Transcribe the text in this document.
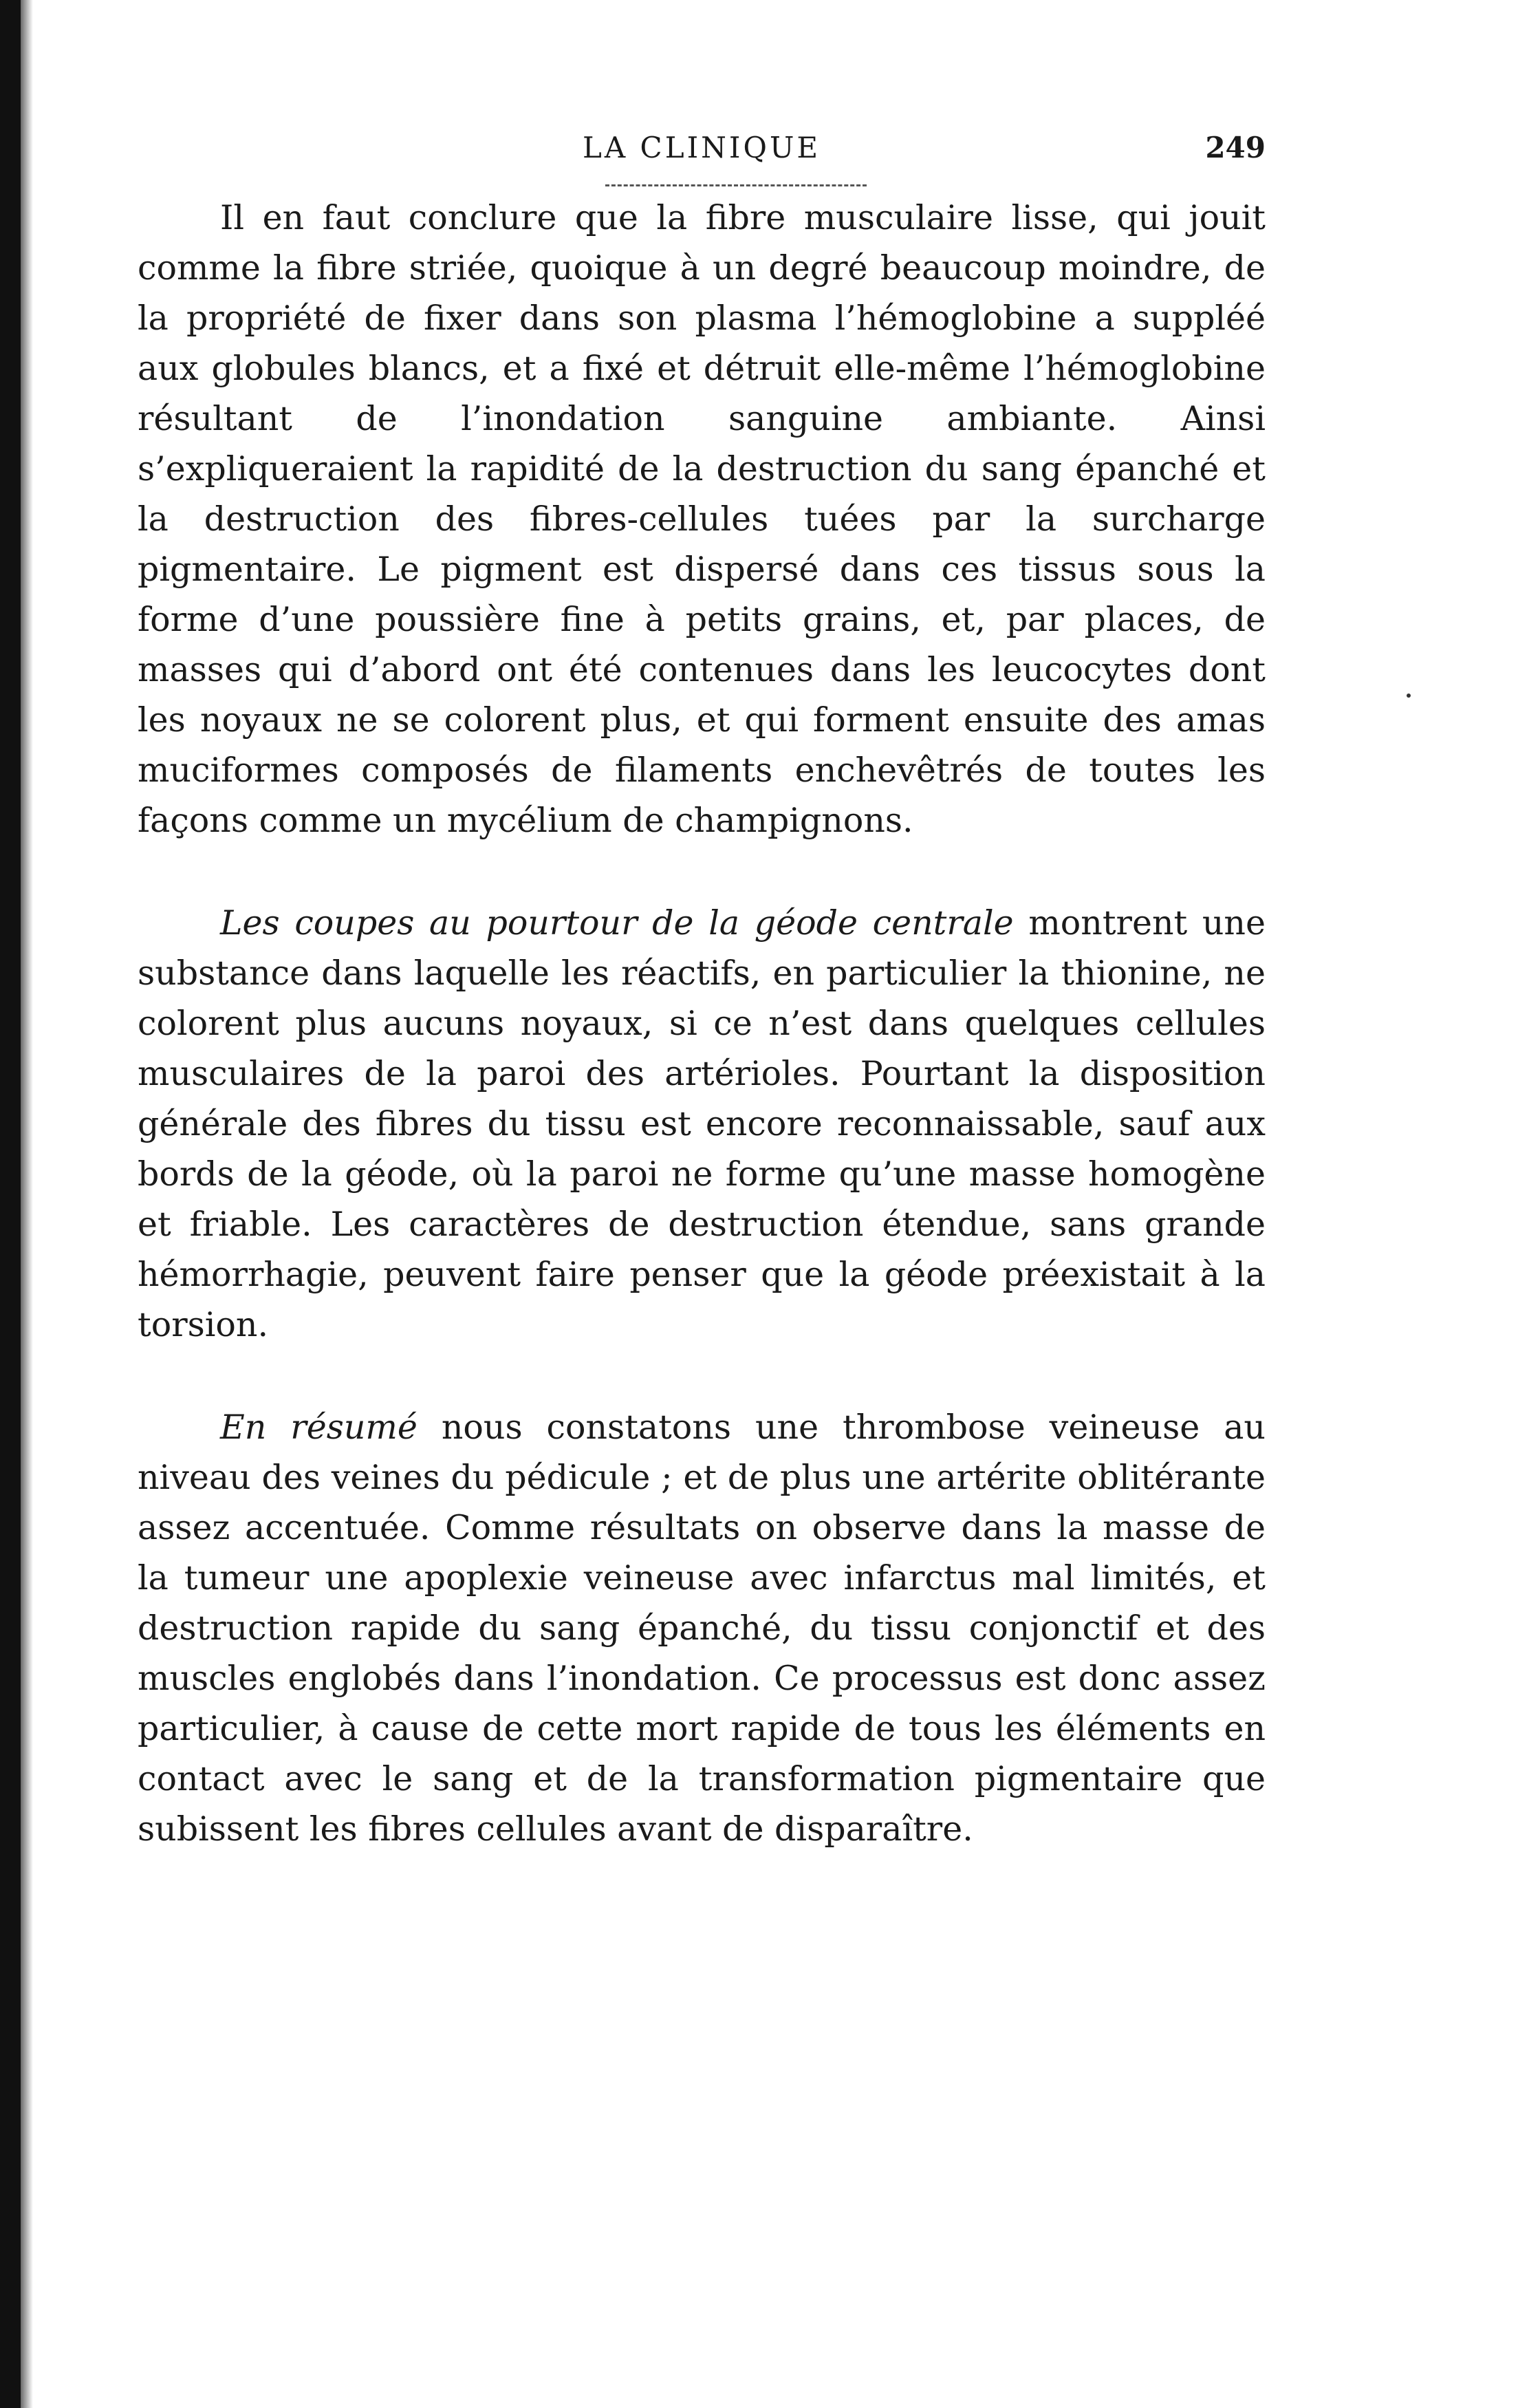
LA CLINIQUE	249

Il en faut conclure que la fibre musculaire lisse, qui jouit comme la fibre striée, quoique à un degré beaucoup moindre, de la propriété de fixer dans son plasma l’hémoglobine a suppléé aux globules blancs, et a fixé et détruit elle-même l’hémoglobine résultant de l’inondation sanguine ambiante. Ainsi s’expliqueraient la rapidité de la destruction du sang épanché et la destruction des fibres-cellules tuées par la surcharge pigmentaire. Le pigment est dispersé dans ces tissus sous la forme d’une poussière fine à petits grains, et, par places, de masses qui d’abord ont été contenues dans les leucocytes dont les noyaux ne se colorent plus, et qui forment ensuite des amas muciformes composés de filaments enchevêtrés de toutes les façons comme un mycélium de champignons.

Les coupes au pourtour de la géode centrale montrent une substance dans laquelle les réactifs, en particulier la thionine, ne colorent plus aucuns noyaux, si ce n’est dans quelques cellules musculaires de la paroi des artérioles. Pourtant la disposition générale des fibres du tissu est encore reconnaissable, sauf aux bords de la géode, où la paroi ne forme qu’une masse homogène et friable. Les caractères de destruction étendue, sans grande hémorrhagie, peuvent faire penser que la géode préexistait à la torsion.

En résumé nous constatons une thrombose veineuse au niveau des veines du pédicule ; et de plus une artérite oblitérante assez accentuée. Comme résultats on observe dans la masse de la tumeur une apoplexie veineuse avec infarctus mal limités, et destruction rapide du sang épanché, du tissu conjonctif et des muscles englobés dans l’inondation. Ce processus est donc assez particulier, à cause de cette mort rapide de tous les éléments en contact avec le sang et de la transformation pigmentaire que subissent les fibres cellules avant de disparaître.
